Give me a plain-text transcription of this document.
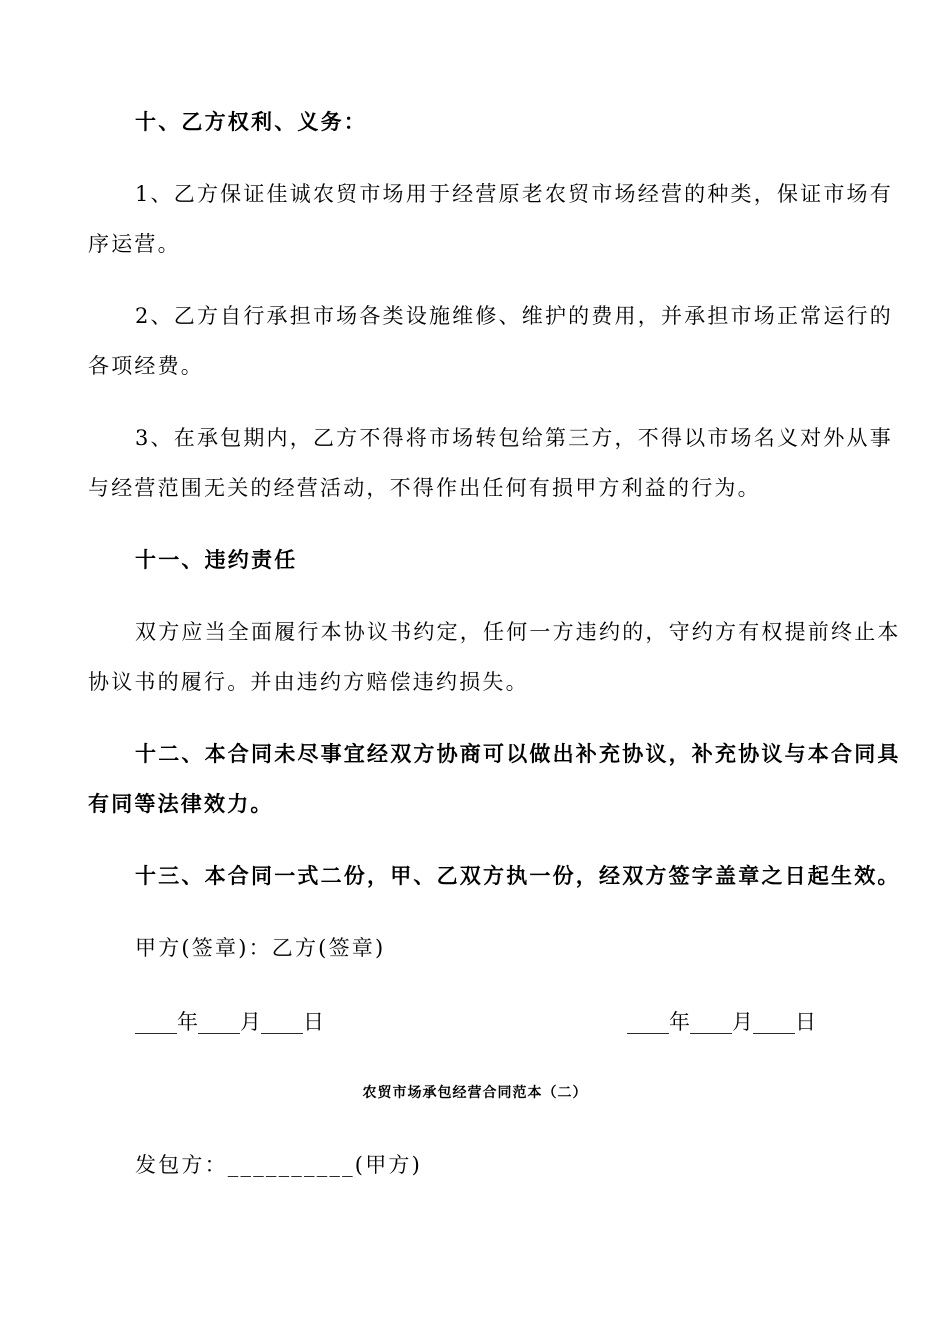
十、乙方权利、义务：
1、乙方保证佳诚农贸市场用于经营原老农贸市场经营的种类，保证市场有
序运营。
2、乙方自行承担市场各类设施维修、维护的费用，并承担市场正常运行的
各项经费。
3、在承包期内，乙方不得将市场转包给第三方，不得以市场名义对外从事
与经营范围无关的经营活动，不得作出任何有损甲方利益的行为。
十一、违约责任
双方应当全面履行本协议书约定，任何一方违约的，守约方有权提前终止本
协议书的履行。并由违约方赔偿违约损失。
十二、本合同未尽事宜经双方协商可以做出补充协议，补充协议与本合同具
有同等法律效力。
十三、本合同一式二份，甲、乙双方执一份，经双方签字盖章之日起生效。
甲方(签章)：乙方(签章)
____年____月____日	____年____月____日
农贸市场承包经营合同范本（二）
发包方：__________(甲方)
